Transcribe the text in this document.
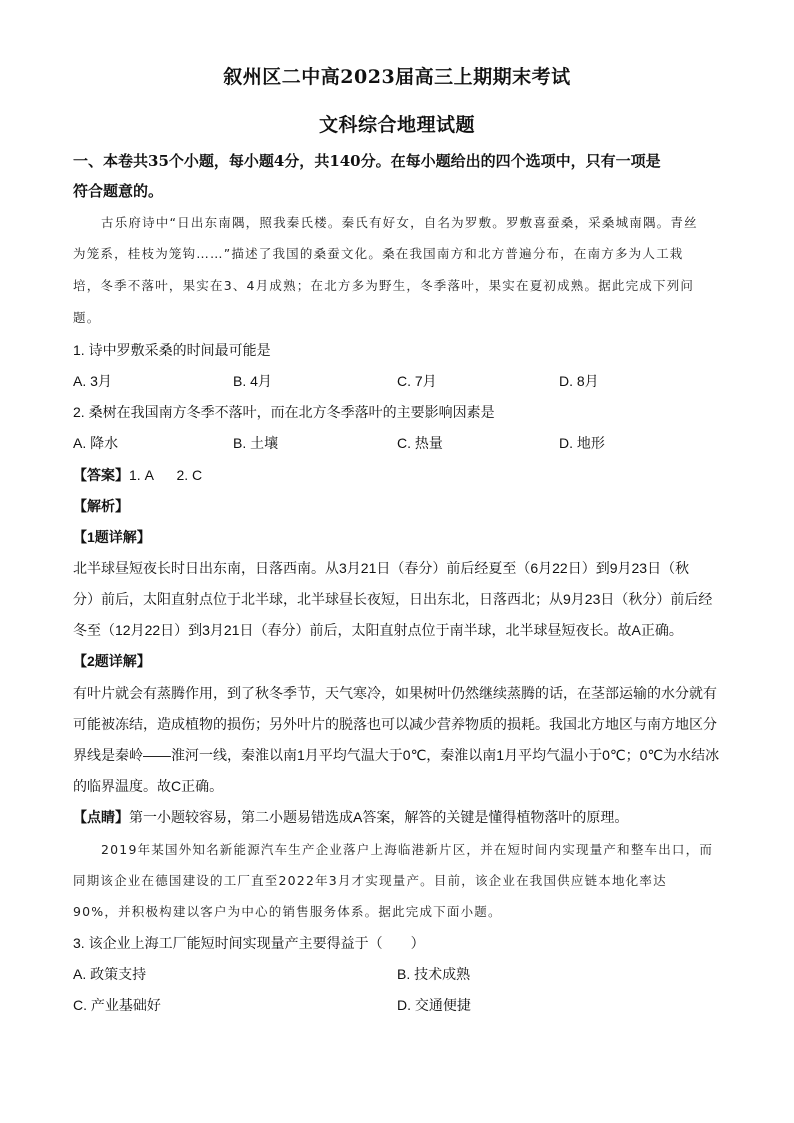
叙州区二中高2023届高三上期期末考试
文科综合地理试题
一、本卷共35个小题，每小题4分，共140分。在每小题给出的四个选项中，只有一项是
符合题意的。
古乐府诗中“日出东南隅，照我秦氏楼。秦氏有好女，自名为罗敷。罗敷喜蚕桑，采桑城南隅。青丝
为笼系，桂枝为笼钩……”描述了我国的桑蚕文化。桑在我国南方和北方普遍分布，在南方多为人工栽
培，冬季不落叶，果实在3、4月成熟；在北方多为野生，冬季落叶，果实在夏初成熟。据此完成下列问
题。
1. 诗中罗敷采桑的时间最可能是
A. 3月	B. 4月	C. 7月	D. 8月
2. 桑树在我国南方冬季不落叶，而在北方冬季落叶的主要影响因素是
A. 降水	B. 土壤	C. 热量	D. 地形
【答案】1. A      2. C
【解析】
【1题详解】
北半球昼短夜长时日出东南，日落西南。从3月21日（春分）前后经夏至（6月22日）到9月23日（秋
分）前后，太阳直射点位于北半球，北半球昼长夜短，日出东北，日落西北；从9月23日（秋分）前后经
冬至（12月22日）到3月21日（春分）前后，太阳直射点位于南半球，北半球昼短夜长。故A正确。
【2题详解】
有叶片就会有蒸腾作用，到了秋冬季节，天气寒冷，如果树叶仍然继续蒸腾的话，在茎部运输的水分就有
可能被冻结，造成植物的损伤；另外叶片的脱落也可以减少营养物质的损耗。我国北方地区与南方地区分
界线是秦岭——淮河一线，秦淮以南1月平均气温大于0℃，秦淮以南1月平均气温小于0℃；0℃为水结冰
的临界温度。故C正确。
【点睛】第一小题较容易，第二小题易错选成A答案，解答的关键是懂得植物落叶的原理。
2019年某国外知名新能源汽车生产企业落户上海临港新片区，并在短时间内实现量产和整车出口，而
同期该企业在德国建设的工厂直至2022年3月才实现量产。目前，该企业在我国供应链本地化率达
90%，并积极构建以客户为中心的销售服务体系。据此完成下面小题。
3. 该企业上海工厂能短时间实现量产主要得益于（　　）
A. 政策支持	B. 技术成熟
C. 产业基础好	D. 交通便捷
